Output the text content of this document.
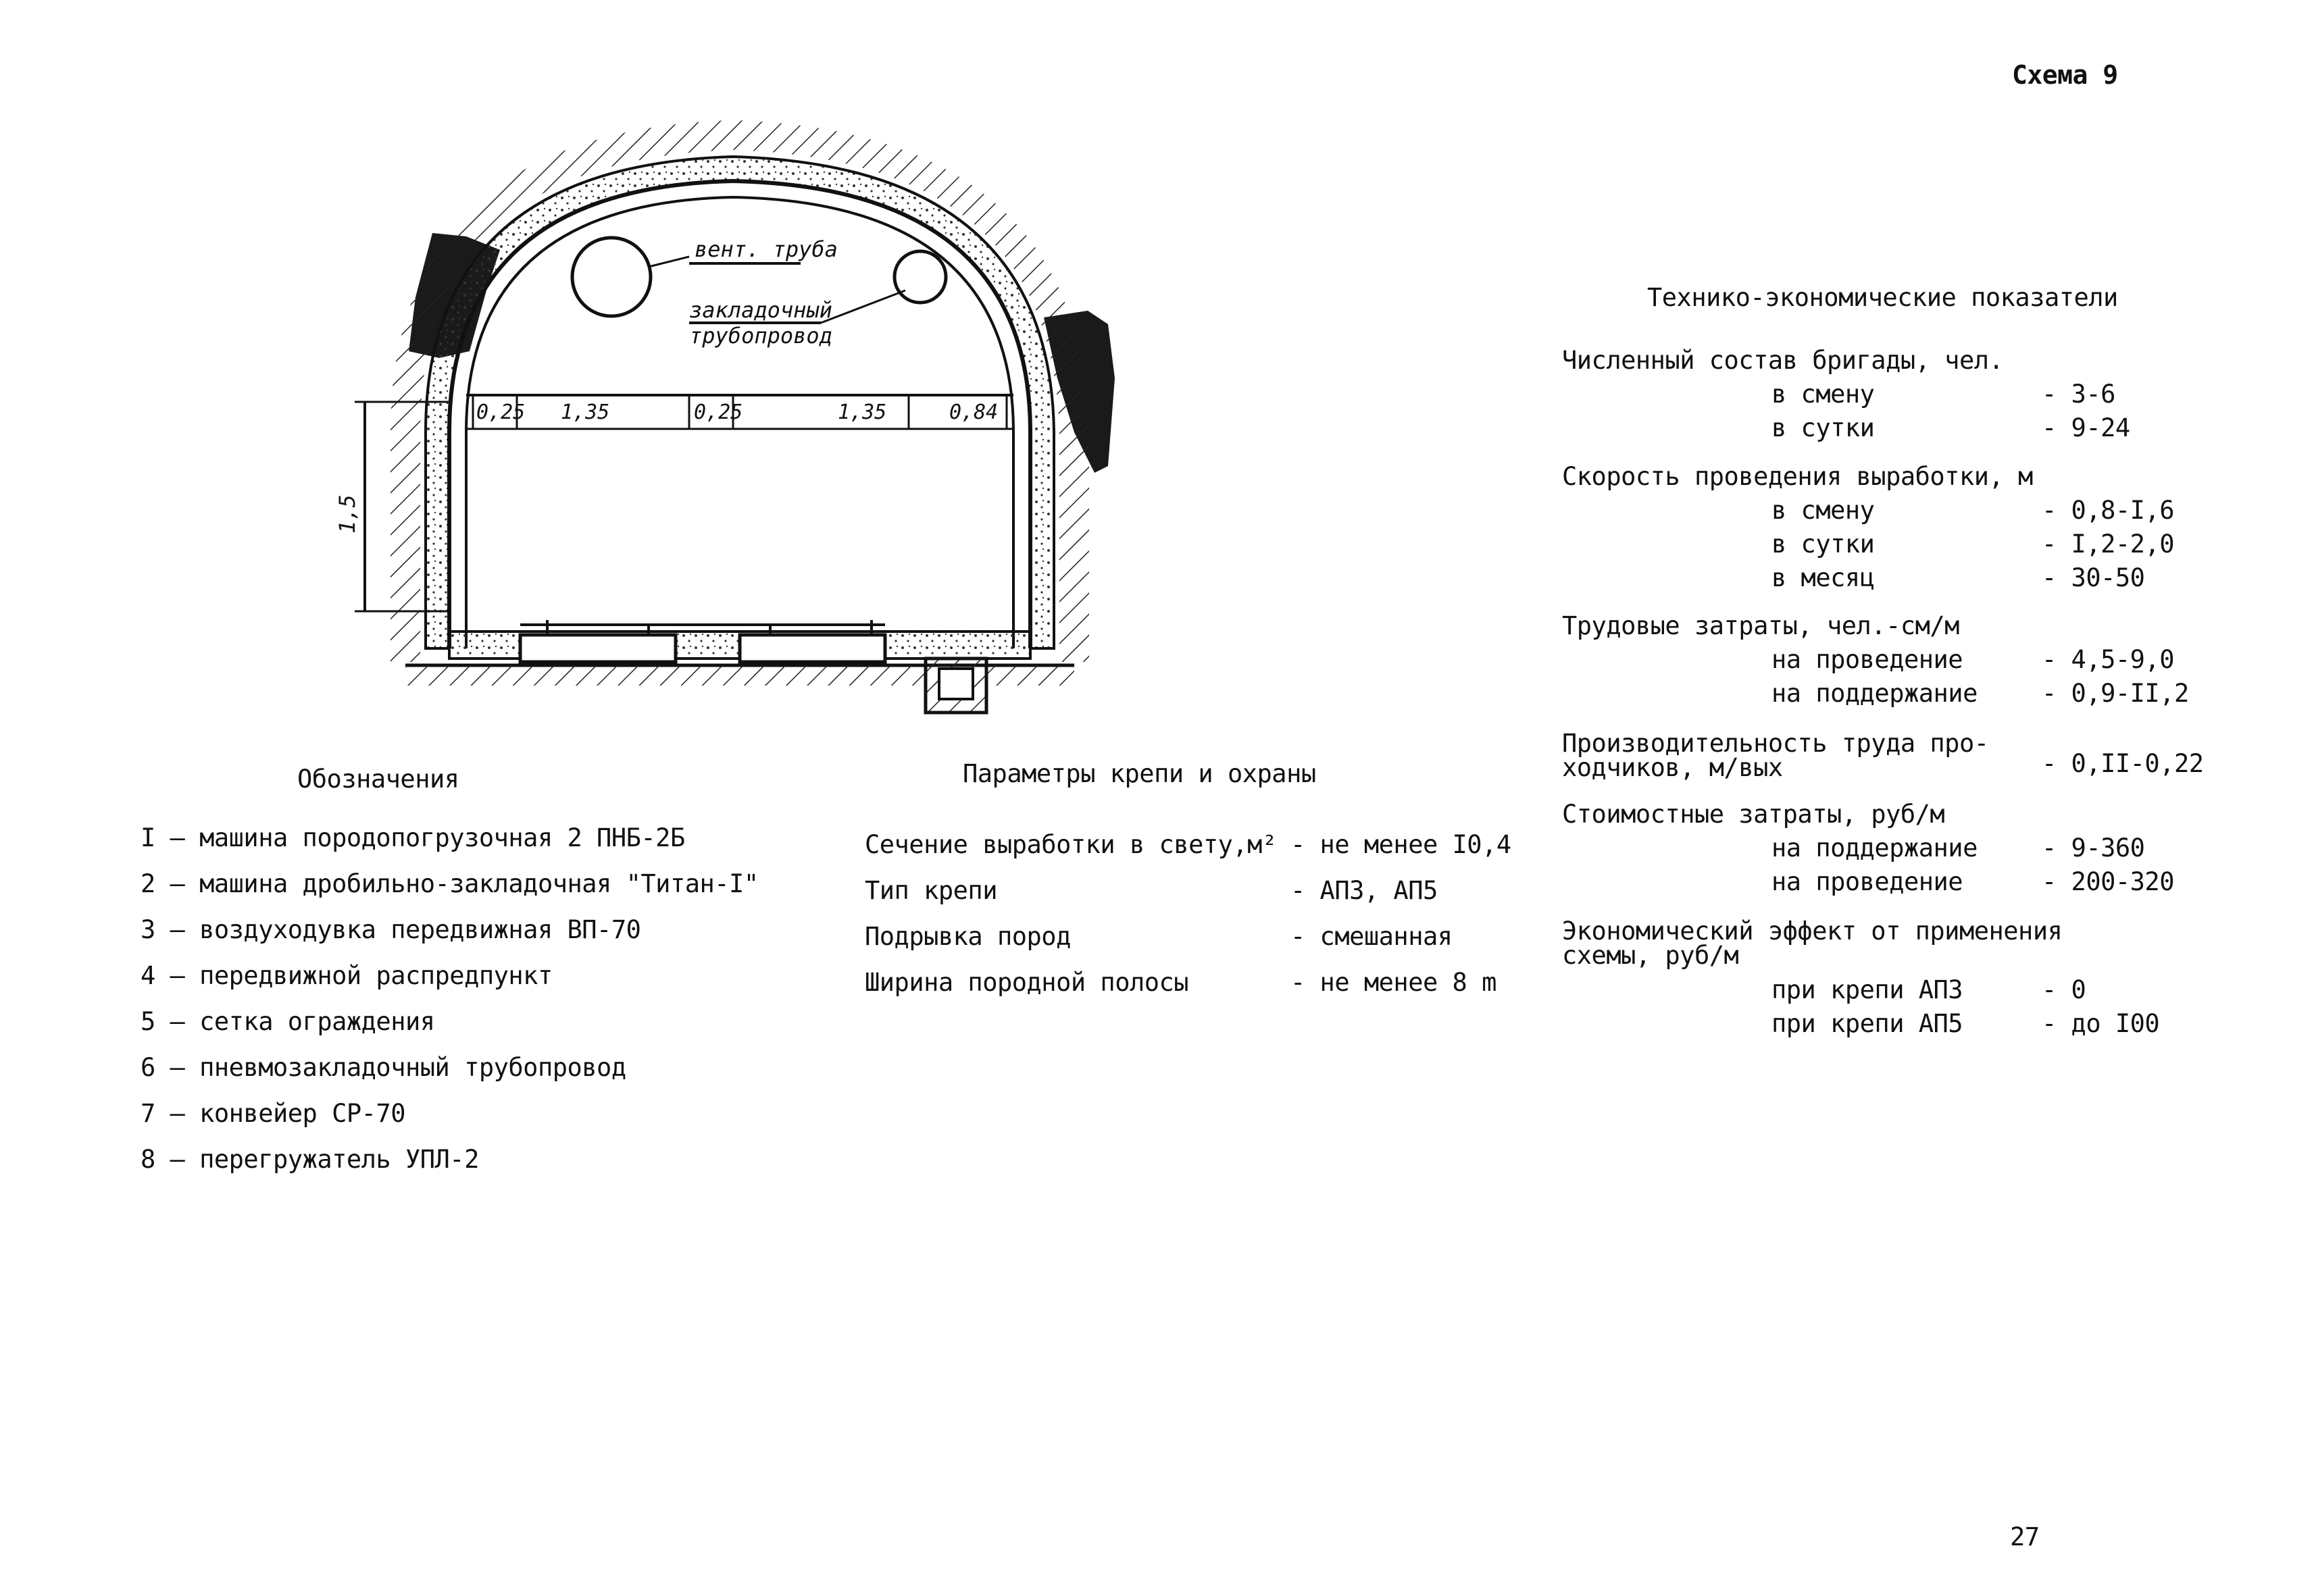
Схема 9
вент. труба
закладочный
трубопровод
0,25 1,35	0,25	1,35	0,84
1,5
Обозначения
I – машина породопогрузочная 2 ПНБ-2Б
2 – машина дробильно-закладочная "Титан-I"
3 – воздуходувка передвижная ВП-70
4 – передвижной распредпункт
5 – сетка ограждения
6 – пневмозакладочный трубопровод
7 – конвейер СР-70
8 – перегружатель УПЛ-2
Параметры крепи и охраны
Сечение выработки в свету,м² - не менее I0,4
Тип крепи	- АПЗ, АП5
Подрывка пород	- смешанная
Ширина породной полосы	- не менее 8 m
Технико-экономические показатели
Численный состав бригады, чел.
в смену	- 3-6
в сутки	- 9-24
Скорость проведения выработки, м
в смену	- 0,8-I,6
в сутки	- I,2-2,0
в месяц	- 30-50
Трудовые затраты, чел.-см/м
на проведение	- 4,5-9,0
на поддержание	- 0,9-II,2
Производительность труда про-
ходчиков, м/вых	- 0,II-0,22
Стоимостные затраты, руб/м
на поддержание	- 9-360
на проведение	- 200-320
Экономический эффект от применения
схемы, руб/м
при крепи АПЗ	- 0
при крепи АП5	- до I00
27
